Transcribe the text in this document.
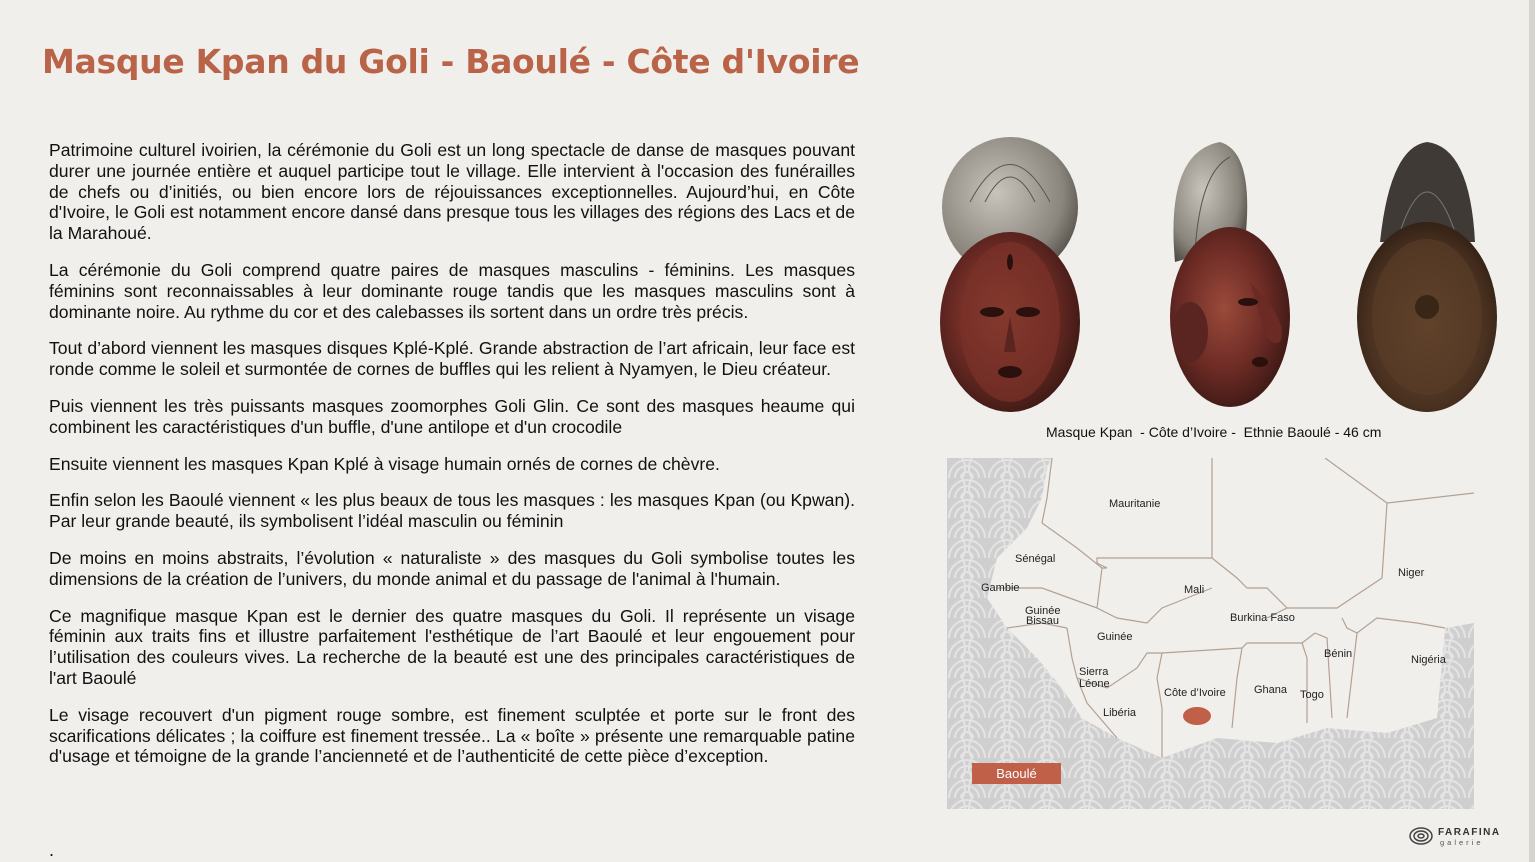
Masque Kpan du Goli - Baoulé - Côte d'Ivoire

Patrimoine culturel ivoirien, la cérémonie du Goli est un long spectacle de danse de masques pouvant durer une journée entière et auquel participe tout le village. Elle intervient à l'occasion des funérailles de chefs ou d’initiés, ou bien encore lors de réjouissances exceptionnelles. Aujourd’hui, en Côte d'Ivoire, le Goli est notamment encore dansé dans presque tous les villages des régions des Lacs et de la Marahoué.

La cérémonie du Goli comprend quatre paires de masques masculins - féminins. Les masques féminins sont reconnaissables à leur dominante rouge tandis que les masques masculins sont à dominante noire. Au rythme du cor et des calebasses ils sortent dans un ordre très précis.

Tout d’abord viennent les masques disques Kplé-Kplé. Grande abstraction de l’art africain, leur face est ronde comme le soleil et surmontée de cornes de buffles qui les relient à Nyamyen, le Dieu créateur.

Puis viennent les très puissants masques zoomorphes Goli Glin. Ce sont des masques heaume qui combinent les caractéristiques d'un buffle, d'une antilope et d'un crocodile

Ensuite viennent les masques Kpan Kplé à visage humain ornés de cornes de chèvre.

Enfin selon les Baoulé viennent « les plus beaux de tous les masques : les masques Kpan (ou Kpwan). Par leur grande beauté, ils symbolisent l’idéal masculin ou féminin

De moins en moins abstraits, l’évolution « naturaliste » des masques du Goli symbolise toutes les dimensions de la création de l’univers, du monde animal et du passage de l'animal à l'humain.

Ce magnifique masque Kpan est le dernier des quatre masques du Goli. Il représente un visage féminin aux traits fins et illustre parfaitement l'esthétique de l’art Baoulé et leur engouement pour l’utilisation des couleurs vives. La recherche de la beauté est une des principales caractéristiques de l'art Baoulé

Le visage recouvert d'un pigment rouge sombre, est finement sculptée et porte sur le front des scarifications délicates ; la coiffure est finement tressée.. La « boîte » présente une remarquable patine d'usage et témoigne de la grande l’ancienneté et de l’authenticité de cette pièce d’exception.

.
Masque Kpan  - Côte d’Ivoire -  Ethnie Baoulé - 46 cm
Mauritanie
Sénégal
Gambie
Guinée
Bissau
Guinée
Mali
Niger
Burkina Faso
Sierra
Léone
Libéria
Côte d’Ivoire	Ghana Togo
Bénin	Nigéria
Baoulé
FARAFINA
galerie
